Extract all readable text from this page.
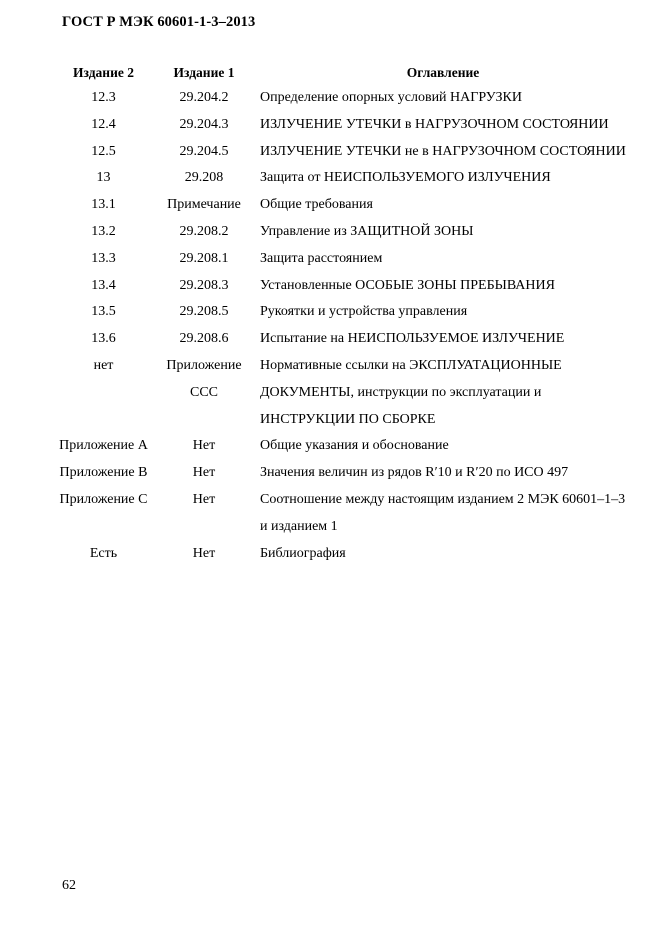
ГОСТ Р МЭК 60601-1-3–2013
Издание 2	Издание 1	Оглавление
12.3	29.204.2	Определение опорных условий НАГРУЗКИ
12.4	29.204.3	ИЗЛУЧЕНИЕ УТЕЧКИ в НАГРУЗОЧНОМ СОСТОЯНИИ
12.5	29.204.5	ИЗЛУЧЕНИЕ УТЕЧКИ не в НАГРУЗОЧНОМ СОСТОЯНИИ
13	29.208	Защита от НЕИСПОЛЬЗУЕМОГО ИЗЛУЧЕНИЯ
13.1	Примечание	Общие требования
13.2	29.208.2	Управление из ЗАЩИТНОЙ ЗОНЫ
13.3	29.208.1	Защита расстоянием
13.4	29.208.3	Установленные ОСОБЫЕ ЗОНЫ ПРЕБЫВАНИЯ
13.5	29.208.5	Рукоятки и устройства управления
13.6	29.208.6	Испытание на НЕИСПОЛЬЗУЕМОЕ ИЗЛУЧЕНИЕ
нет	Приложение CCC	Нормативные ссылки на ЭКСПЛУАТАЦИОННЫЕ ДОКУМЕНТЫ, инструкции по эксплуатации и ИНСТРУКЦИИ ПО СБОРКЕ
Приложение A	Нет	Общие указания и обоснование
Приложение B	Нет	Значения величин из рядов R′10 и R′20 по ИСО 497
Приложение C	Нет	Соотношение между настоящим изданием 2 МЭК 60601–1–3 и изданием 1
Есть	Нет	Библиография
62
